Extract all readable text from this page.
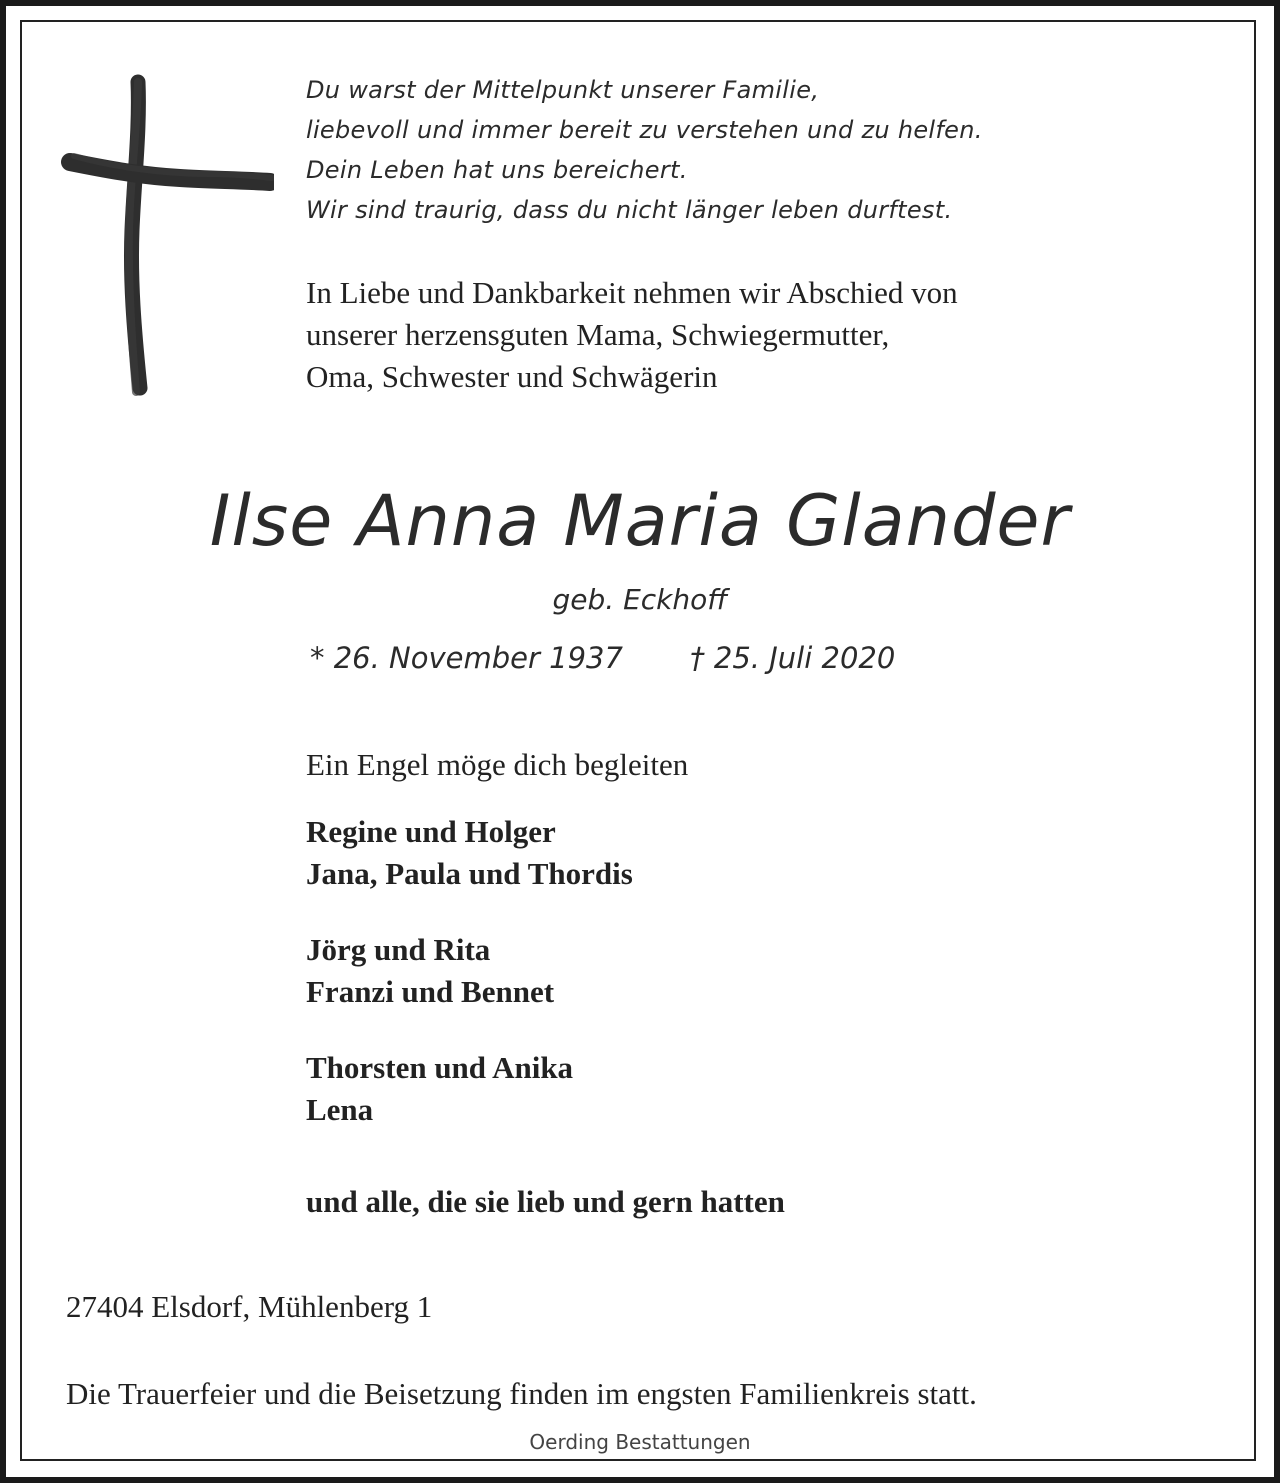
Du warst der Mittelpunkt unserer Familie,
liebevoll und immer bereit zu verstehen und zu helfen.
Dein Leben hat uns bereichert.
Wir sind traurig, dass du nicht länger leben durftest.
In Liebe und Dankbarkeit nehmen wir Abschied von
unserer herzensguten Mama, Schwiegermutter,
Oma, Schwester und Schwägerin
Ilse Anna Maria Glander
geb. Eckhoff
* 26. November 1937 † 25. Juli 2020
Ein Engel möge dich begleiten
Regine und Holger
Jana, Paula und Thordis
Jörg und Rita
Franzi und Bennet
Thorsten und Anika
Lena
und alle, die sie lieb und gern hatten
27404 Elsdorf, Mühlenberg 1
Die Trauerfeier und die Beisetzung finden im engsten Familienkreis statt.
Oerding Bestattungen
